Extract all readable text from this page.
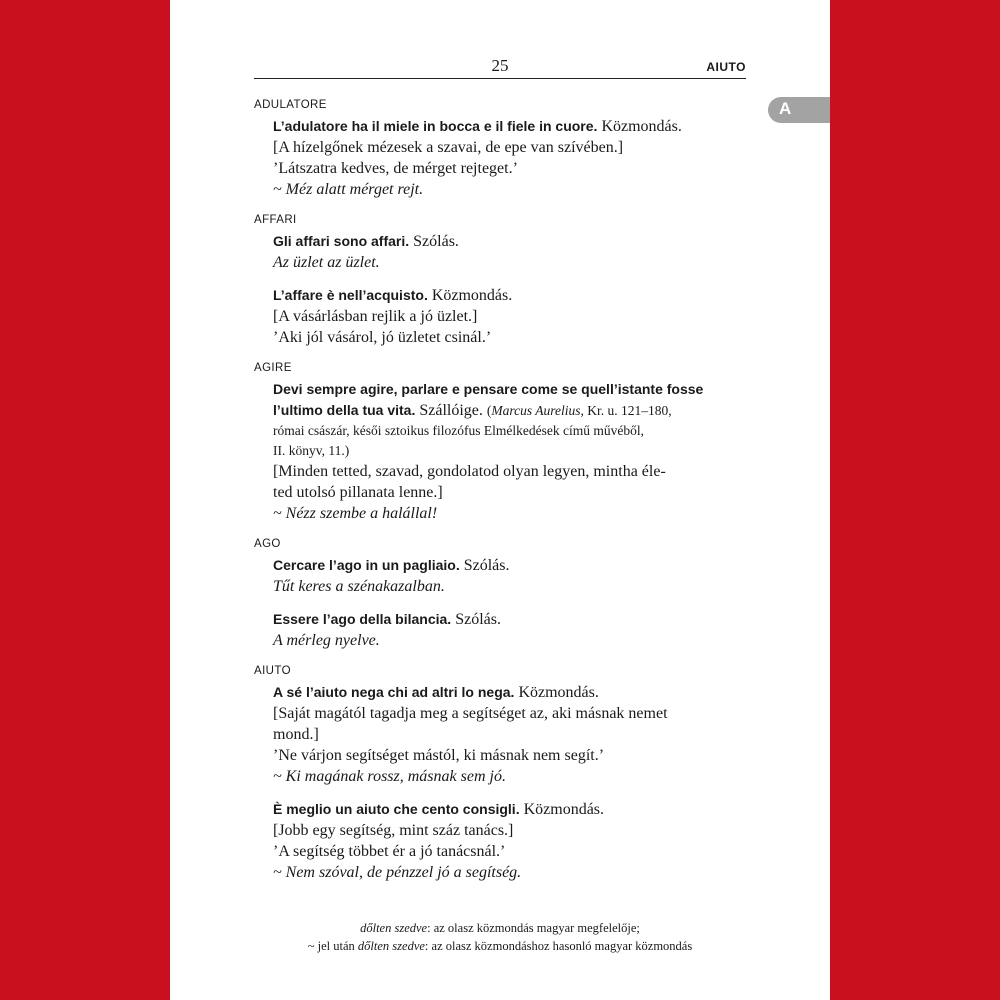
25	AIUTO
A
ADULATORE
L’adulatore ha il miele in bocca e il fiele in cuore. Közmondás.
[A hízelgőnek mézesek a szavai, de epe van szívében.]
’Látszatra kedves, de mérget rejteget.’
~ Méz alatt mérget rejt.
AFFARI
Gli affari sono affari. Szólás.
Az üzlet az üzlet.
L’affare è nell’acquisto. Közmondás.
[A vásárlásban rejlik a jó üzlet.]
’Aki jól vásárol, jó üzletet csinál.’
AGIRE
Devi sempre agire, parlare e pensare come se quell’istante fosse
l’ultimo della tua vita. Szállóige. (Marcus Aurelius, Kr. u. 121–180,
római császár, késői sztoikus filozófus Elmélkedések című művéből,
II. könyv, 11.)
[Minden tetted, szavad, gondolatod olyan legyen, mintha éle-
ted utolsó pillanata lenne.]
~ Nézz szembe a halállal!
AGO
Cercare l’ago in un pagliaio. Szólás.
Tűt keres a szénakazalban.
Essere l’ago della bilancia. Szólás.
A mérleg nyelve.
AIUTO
A sé l’aiuto nega chi ad altri lo nega. Közmondás.
[Saját magától tagadja meg a segítséget az, aki másnak nemet
mond.]
’Ne várjon segítséget mástól, ki másnak nem segít.’
~ Ki magának rossz, másnak sem jó.
È meglio un aiuto che cento consigli. Közmondás.
[Jobb egy segítség, mint száz tanács.]
’A segítség többet ér a jó tanácsnál.’
~ Nem szóval, de pénzzel jó a segítség.
dőlten szedve: az olasz közmondás magyar megfelelője;
~ jel után dőlten szedve: az olasz közmondáshoz hasonló magyar közmondás
